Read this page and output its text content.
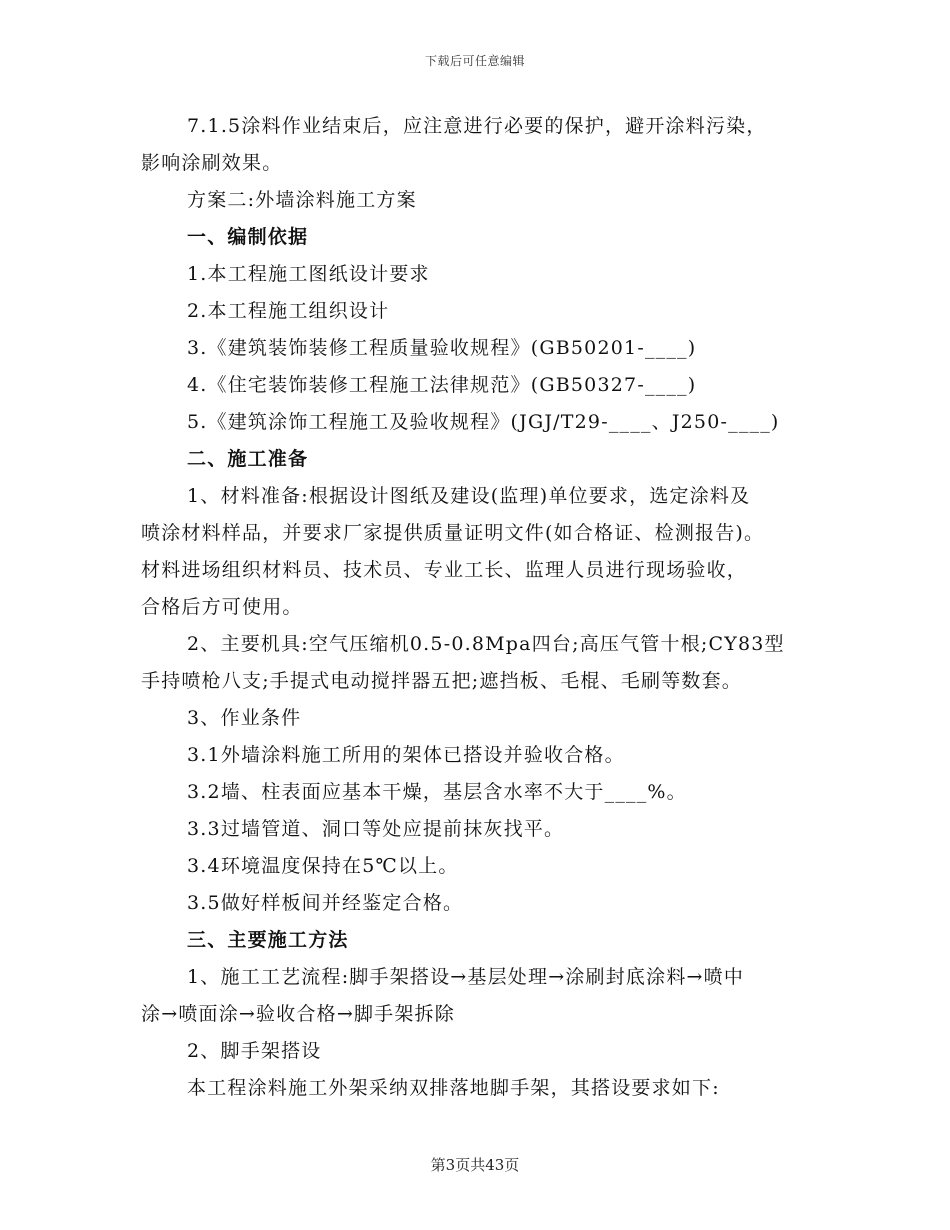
下载后可任意编辑
7.1.5涂料作业结束后，应注意进行必要的保护，避开涂料污染，
影响涂刷效果。
方案二:外墙涂料施工方案
一、编制依据
1.本工程施工图纸设计要求
2.本工程施工组织设计
3.《建筑装饰装修工程质量验收规程》(GB50201-____)
4.《住宅装饰装修工程施工法律规范》(GB50327-____)
5.《建筑涂饰工程施工及验收规程》(JGJ/T29-____、J250-____)
二、施工准备
1、材料准备:根据设计图纸及建设(监理)单位要求，选定涂料及
喷涂材料样品，并要求厂家提供质量证明文件(如合格证、检测报告)。
材料进场组织材料员、技术员、专业工长、监理人员进行现场验收，
合格后方可使用。
2、主要机具:空气压缩机0.5-0.8Mpa四台;高压气管十根;CY83型
手持喷枪八支;手提式电动搅拌器五把;遮挡板、毛棍、毛刷等数套。
3、作业条件
3.1外墙涂料施工所用的架体已搭设并验收合格。
3.2墙、柱表面应基本干燥，基层含水率不大于____%。
3.3过墙管道、洞口等处应提前抹灰找平。
3.4环境温度保持在5℃以上。
3.5做好样板间并经鉴定合格。
三、主要施工方法
1、施工工艺流程:脚手架搭设→基层处理→涂刷封底涂料→喷中
涂→喷面涂→验收合格→脚手架拆除
2、脚手架搭设
本工程涂料施工外架采纳双排落地脚手架，其搭设要求如下:
第3页共43页
